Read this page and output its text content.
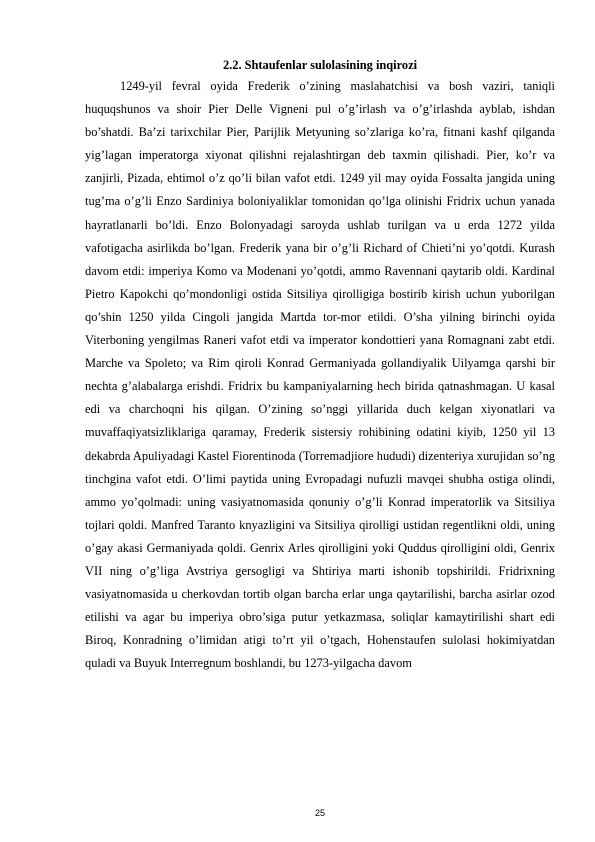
2.2. Shtaufenlar sulolasining inqirozi

1249-yil fevral oyida Frederik o’zining maslahatchisi va bosh vaziri, taniqli huquqshunos va shoir Pier Delle Vigneni pul o’g’irlash va o’g’irlashda ayblab, ishdan bo’shatdi. Ba’zi tarixchilar Pier, Parijlik Metyuning so’zlariga ko’ra, fitnani kashf qilganda yig’lagan imperatorga xiyonat qilishni rejalashtirgan deb taxmin qilishadi. Pier, ko’r va zanjirli, Pizada, ehtimol o’z qo’li bilan vafot etdi. 1249 yil may oyida Fossalta jangida uning tug’ma o’g’li Enzo Sardiniya boloniyaliklar tomonidan qo’lga olinishi Fridrix uchun yanada hayratlanarli bo’ldi. Enzo Bolonyadagi saroyda ushlab turilgan va u erda 1272 yilda vafotigacha asirlikda bo’lgan. Frederik yana bir o’g’li Richard of Chieti’ni yo’qotdi. Kurash davom etdi: imperiya Komo va Modenani yo’qotdi, ammo Ravennani qaytarib oldi. Kardinal Pietro Kapokchi qo’mondonligi ostida Sitsiliya qirolligiga bostirib kirish uchun yuborilgan qo’shin 1250 yilda Cingoli jangida Martda tor-mor etildi. O’sha yilning birinchi oyida Viterboning yengilmas Raneri vafot etdi va imperator kondottieri yana Romagnani zabt etdi. Marche va Spoleto; va Rim qiroli Konrad Germaniyada gollandiyalik Uilyamga qarshi bir nechta g’alabalarga erishdi. Fridrix bu kampaniyalarning hech birida qatnashmagan. U kasal edi va charchoqni his qilgan. O’zining so’nggi yillarida duch kelgan xiyonatlari va muvaffaqiyatsizliklariga qaramay, Frederik sistersiy rohibining odatini kiyib, 1250 yil 13 dekabrda Apuliyadagi Kastel Fiorentinoda (Torremadjiore hududi) dizenteriya xurujidan so’ng tinchgina vafot etdi. O’limi paytida uning Evropadagi nufuzli mavqei shubha ostiga olindi, ammo yo’qolmadi: uning vasiyatnomasida qonuniy o’g’li Konrad imperatorlik va Sitsiliya tojlari qoldi. Manfred Taranto knyazligini va Sitsiliya qirolligi ustidan regentlikni oldi, uning o’gay akasi Germaniyada qoldi. Genrix Arles qirolligini yoki Quddus qirolligini oldi, Genrix VII ning o’g’liga Avstriya gersogligi va Shtiriya marti ishonib topshirildi. Fridrixning vasiyatnomasida u cherkovdan tortib olgan barcha erlar unga qaytarilishi, barcha asirlar ozod etilishi va agar bu imperiya obro’siga putur yetkazmasa, soliqlar kamaytirilishi shart edi Biroq, Konradning o’limidan atigi to’rt yil o’tgach, Hohenstaufen sulolasi hokimiyatdan quladi va Buyuk Interregnum boshlandi, bu 1273-yilgacha davom

25
